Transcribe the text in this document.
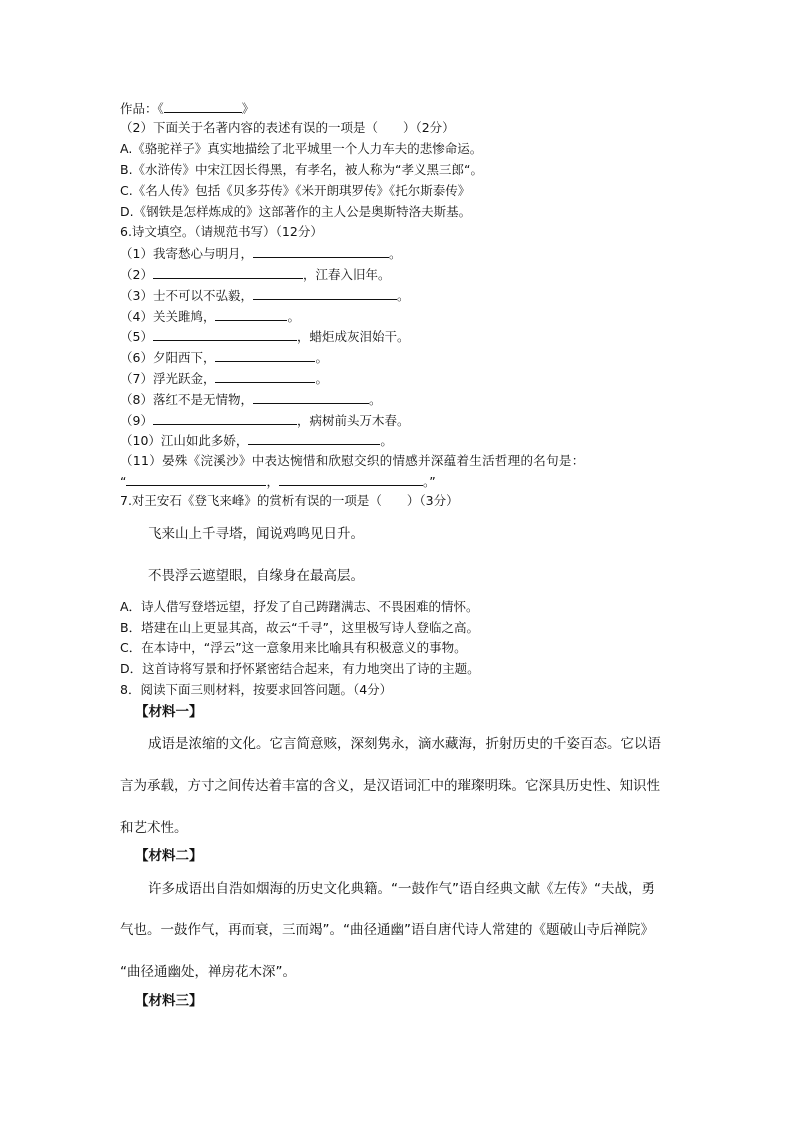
作品：《	》
（2）下面关于名著内容的表述有误的一项是（　　）（2分）
A.《骆驼祥子》真实地描绘了北平城里一个人力车夫的悲惨命运。
B.《水浒传》中宋江因长得黑，有孝名，被人称为“孝义黑三郎“。
C.《名人传》包括《贝多芬传》《米开朗琪罗传》《托尔斯泰传》
D.《钢铁是怎样炼成的》这部著作的主人公是奥斯特洛夫斯基。
6.诗文填空。（请规范书写）（12分）
（1）我寄愁心与明月，	。
（2）	，江春入旧年。
（3）士不可以不弘毅，	。
（4）关关雎鸠，	。
（5）	，蜡炬成灰泪始干。
（6）夕阳西下，	。
（7）浮光跃金，	。
（8）落红不是无情物，	。
（9）	，病树前头万木春。
（10）江山如此多娇，	。
（11）晏殊《浣溪沙》中表达惋惜和欣慰交织的情感并深蕴着生活哲理的名句是：
“	，	。”
7.对王安石《登飞来峰》的赏析有误的一项是（　　）（3分）
飞来山上千寻塔，闻说鸡鸣见日升。
不畏浮云遮望眼，自缘身在最高层。
A．诗人借写登塔远望，抒发了自己踌躇满志、不畏困难的情怀。
B．塔建在山上更显其高，故云“千寻”，这里极写诗人登临之高。
C．在本诗中，“浮云”这一意象用来比喻具有积极意义的事物。
D．这首诗将写景和抒怀紧密结合起来，有力地突出了诗的主题。
8．阅读下面三则材料，按要求回答问题。（4分）
【材料一】
成语是浓缩的文化。它言简意赅，深刻隽永，滴水藏海，折射历史的千姿百态。它以语
言为承载，方寸之间传达着丰富的含义，是汉语词汇中的璀璨明珠。它深具历史性、知识性
和艺术性。
【材料二】
许多成语出自浩如烟海的历史文化典籍。“一鼓作气”语自经典文献《左传》“夫战，勇
气也。一鼓作气，再而衰，三而竭”。“曲径通幽”语自唐代诗人常建的《题破山寺后禅院》
“曲径通幽处，禅房花木深”。
【材料三】
